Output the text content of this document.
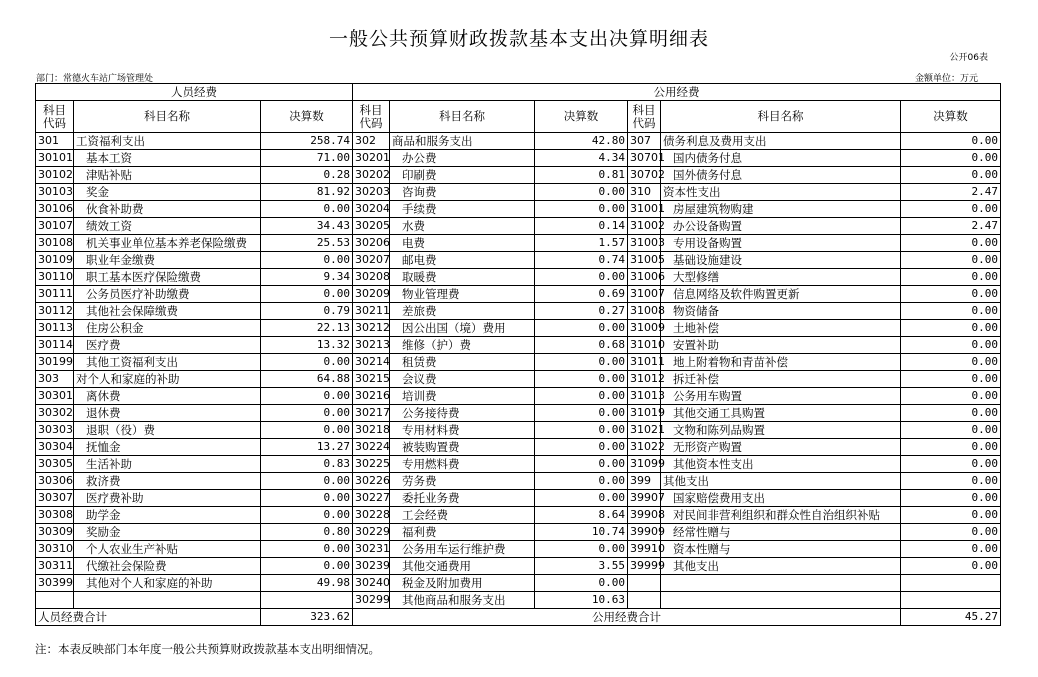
一般公共预算财政拨款基本支出决算明细表
公开06表
部门：常德火车站广场管理处	金额单位：万元
人员经费			公用经费					
科目
代码	科目名称	决算数	科目
代码	科目名称	决算数	科目
代码	科目名称	决算数
301	工资福利支出	258.74	302	商品和服务支出	42.80	307	债务利息及费用支出	0.00
30101	基本工资	71.00	30201	办公费	4.34	30701	国内债务付息	0.00
30102	津贴补贴	0.28	30202	印刷费	0.81	30702	国外债务付息	0.00
30103	奖金	81.92	30203	咨询费	0.00	310	资本性支出	2.47
30106	伙食补助费	0.00	30204	手续费	0.00	31001	房屋建筑物购建	0.00
30107	绩效工资	34.43	30205	水费	0.14	31002	办公设备购置	2.47
30108	机关事业单位基本养老保险缴费	25.53	30206	电费	1.57	31003	专用设备购置	0.00
30109	职业年金缴费	0.00	30207	邮电费	0.74	31005	基础设施建设	0.00
30110	职工基本医疗保险缴费	9.34	30208	取暖费	0.00	31006	大型修缮	0.00
30111	公务员医疗补助缴费	0.00	30209	物业管理费	0.69	31007	信息网络及软件购置更新	0.00
30112	其他社会保障缴费	0.79	30211	差旅费	0.27	31008	物资储备	0.00
30113	住房公积金	22.13	30212	因公出国（境）费用	0.00	31009	土地补偿	0.00
30114	医疗费	13.32	30213	维修（护）费	0.68	31010	安置补助	0.00
30199	其他工资福利支出	0.00	30214	租赁费	0.00	31011	地上附着物和青苗补偿	0.00
303	对个人和家庭的补助	64.88	30215	会议费	0.00	31012	拆迁补偿	0.00
30301	离休费	0.00	30216	培训费	0.00	31013	公务用车购置	0.00
30302	退休费	0.00	30217	公务接待费	0.00	31019	其他交通工具购置	0.00
30303	退职（役）费	0.00	30218	专用材料费	0.00	31021	文物和陈列品购置	0.00
30304	抚恤金	13.27	30224	被装购置费	0.00	31022	无形资产购置	0.00
30305	生活补助	0.83	30225	专用燃料费	0.00	31099	其他资本性支出	0.00
30306	救济费	0.00	30226	劳务费	0.00	399	其他支出	0.00
30307	医疗费补助	0.00	30227	委托业务费	0.00	39907	国家赔偿费用支出	0.00
30308	助学金	0.00	30228	工会经费	8.64	39908	对民间非营利组织和群众性自治组织补贴	0.00
30309	奖励金	0.80	30229	福利费	10.74	39909	经常性赠与	0.00
30310	个人农业生产补贴	0.00	30231	公务用车运行维护费	0.00	39910	资本性赠与	0.00
30311	代缴社会保险费	0.00	30239	其他交通费用	3.55	39999	其他支出	0.00
30399	其他对个人和家庭的补助	49.98	30240	税金及附加费用	0.00			
			30299	其他商品和服务支出	10.63			
人员经费合计		323.62	公用经费合计					45.27
注：本表反映部门本年度一般公共预算财政拨款基本支出明细情况。
